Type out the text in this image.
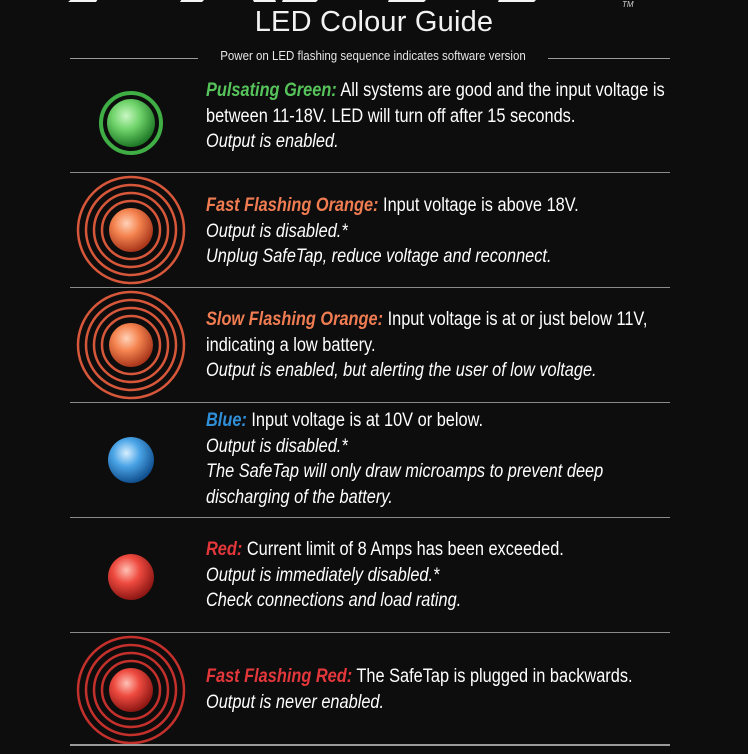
TM
LED Colour Guide
Power on LED flashing sequence indicates software version
Pulsating Green: All systems are good and the input voltage is between 11-18V. LED will turn off after 15 seconds.
Output is enabled.
Fast Flashing Orange: Input voltage is above 18V.
Output is disabled.*
Unplug SafeTap, reduce voltage and reconnect.
Slow Flashing Orange: Input voltage is at or just below 11V, indicating a low battery.
Output is enabled, but alerting the user of low voltage.
Blue: Input voltage is at 10V or below.
Output is disabled.*
The SafeTap will only draw microamps to prevent deep discharging of the battery.
Red: Current limit of 8 Amps has been exceeded.
Output is immediately disabled.*
Check connections and load rating.
Fast Flashing Red: The SafeTap is plugged in backwards.
Output is never enabled.
